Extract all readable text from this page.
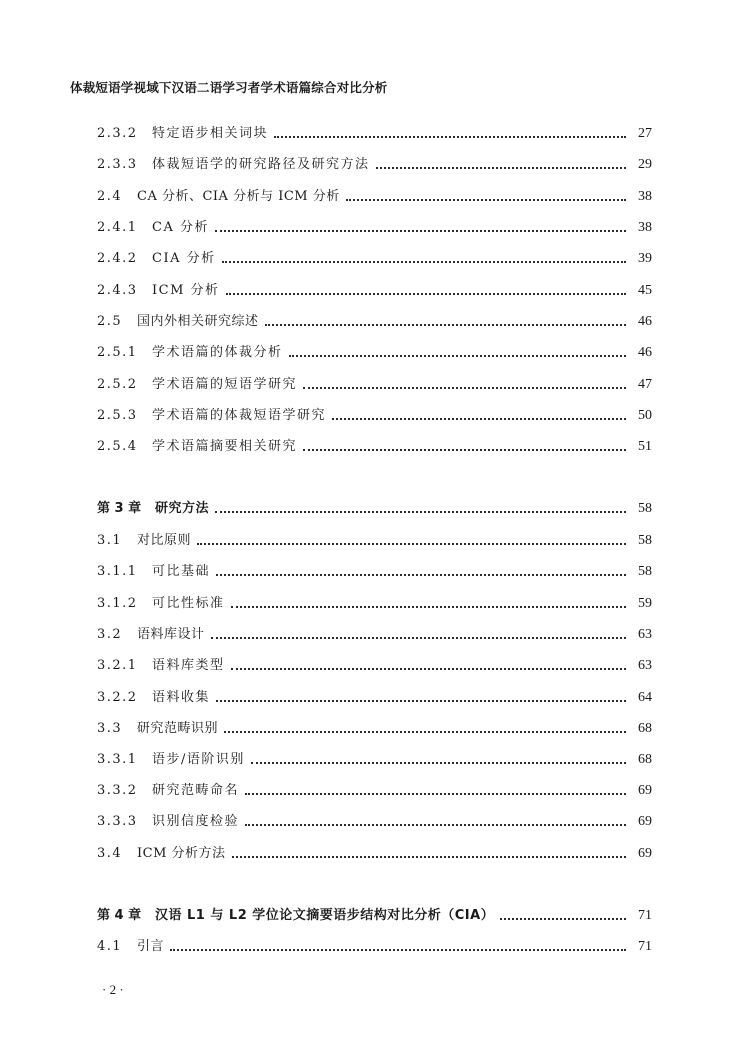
体裁短语学视域下汉语二语学习者学术语篇综合对比分析
2.3.2	特定语步相关词块	27
2.3.3	体裁短语学的研究路径及研究方法	29
2.4	CA 分析、CIA 分析与 ICM 分析	38
2.4.1	CA 分析	38
2.4.2	CIA 分析	39
2.4.3	ICM 分析	45
2.5	国内外相关研究综述	46
2.5.1	学术语篇的体裁分析	46
2.5.2	学术语篇的短语学研究	47
2.5.3	学术语篇的体裁短语学研究	50
2.5.4	学术语篇摘要相关研究	51
第 3 章	研究方法	58
3.1	对比原则	58
3.1.1	可比基础	58
3.1.2	可比性标准	59
3.2	语料库设计	63
3.2.1	语料库类型	63
3.2.2	语料收集	64
3.3	研究范畴识别	68
3.3.1	语步/语阶识别	68
3.3.2	研究范畴命名	69
3.3.3	识别信度检验	69
3.4	ICM 分析方法	69
第 4 章	汉语 L1 与 L2 学位论文摘要语步结构对比分析（CIA）	71
4.1	引言	71
· 2 ·
